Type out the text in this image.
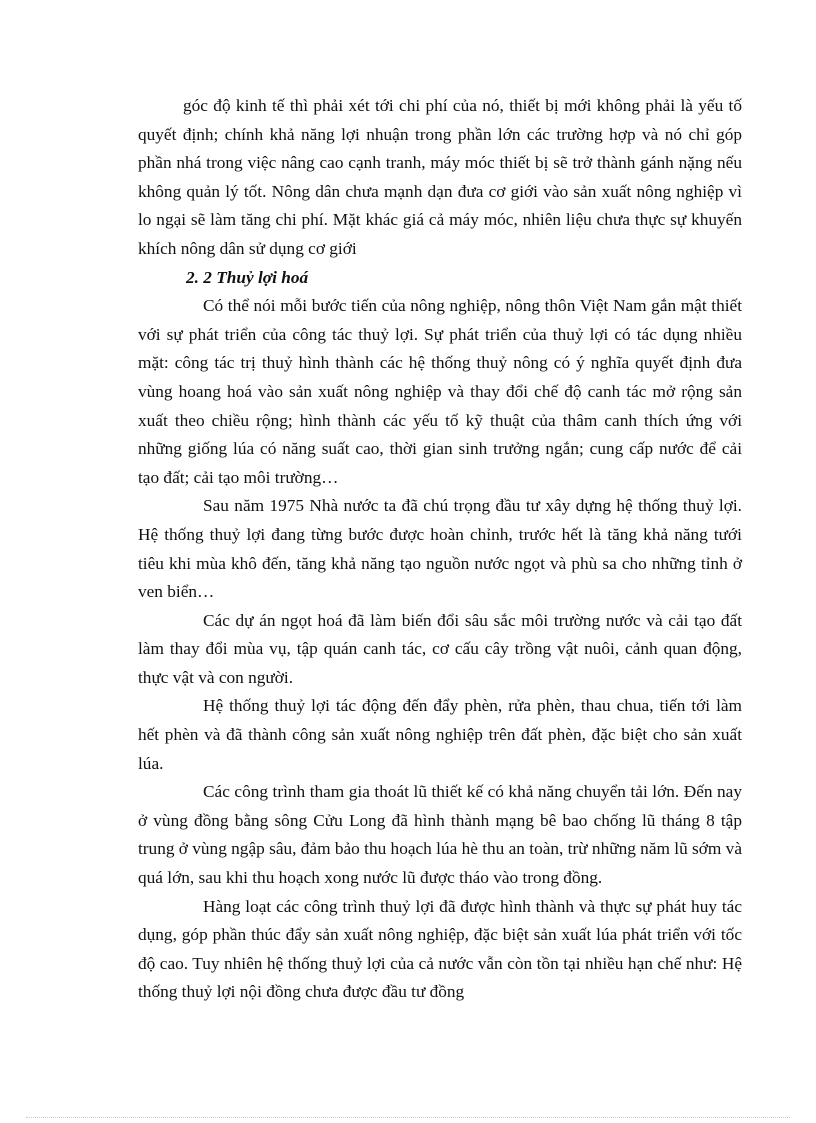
góc độ kinh tế thì phải xét tới chi phí của nó, thiết bị mới không phải là yếu tố quyết định; chính khả năng lợi nhuận trong phần lớn các trường hợp và nó chỉ góp phần nhá trong việc nâng cao cạnh tranh, máy móc thiết bị sẽ trở thành gánh nặng nếu không quản lý tốt. Nông dân chưa mạnh dạn đưa cơ giới vào sản xuất nông nghiệp vì lo ngại sẽ làm tăng chi phí. Mặt khác giá cả máy móc, nhiên liệu chưa thực sự khuyến khích nông dân sử dụng cơ giới

2. 2 Thuỷ lợi hoá

Có thể nói mỗi bước tiến của nông nghiệp, nông thôn Việt Nam gắn mật thiết với sự phát triển của công tác thuỷ lợi. Sự phát triển của thuỷ lợi có tác dụng nhiều mặt: công tác trị thuỷ hình thành các hệ thống thuỷ nông có ý nghĩa quyết định đưa vùng hoang hoá vào sản xuất nông nghiệp và thay đổi chế độ canh tác mở rộng sản xuất theo chiều rộng; hình thành các yếu tố kỹ thuật của thâm canh thích ứng với những giống lúa có năng suất cao, thời gian sinh trưởng ngắn; cung cấp nước để cải tạo đất; cải tạo môi trường…

Sau năm 1975 Nhà nước ta đã chú trọng đầu tư xây dựng hệ thống thuỷ lợi. Hệ thống thuỷ lợi đang từng bước được hoàn chỉnh, trước hết là tăng khả năng tưới tiêu khi mùa khô đến, tăng khả năng tạo nguồn nước ngọt và phù sa cho những tỉnh ở ven biển…

Các dự án ngọt hoá đã làm biến đổi sâu sắc môi trường nước và cải tạo đất làm thay đổi mùa vụ, tập quán canh tác, cơ cấu cây trồng vật nuôi, cảnh quan động, thực vật và con người.

Hệ thống thuỷ lợi tác động đến đẩy phèn, rửa phèn, thau chua, tiến tới làm hết phèn và đã thành công sản xuất nông nghiệp trên đất phèn, đặc biệt cho sản xuất lúa.

Các công trình tham gia thoát lũ thiết kế có khả năng chuyển tải lớn. Đến nay ở vùng đồng bằng sông Cửu Long đã hình thành mạng bê bao chống lũ tháng 8 tập trung ở vùng ngập sâu, đảm bảo thu hoạch lúa hè thu an toàn, trừ những năm lũ sớm và quá lớn, sau khi thu hoạch xong nước lũ được tháo vào trong đồng.

Hàng loạt các công trình thuỷ lợi đã được hình thành và thực sự phát huy tác dụng, góp phần thúc đẩy sản xuất nông nghiệp, đặc biệt sản xuất lúa phát triển với tốc độ cao. Tuy nhiên hệ thống thuỷ lợi của cả nước vẫn còn tồn tại nhiều hạn chế như: Hệ thống thuỷ lợi nội đồng chưa được đầu tư đồng
